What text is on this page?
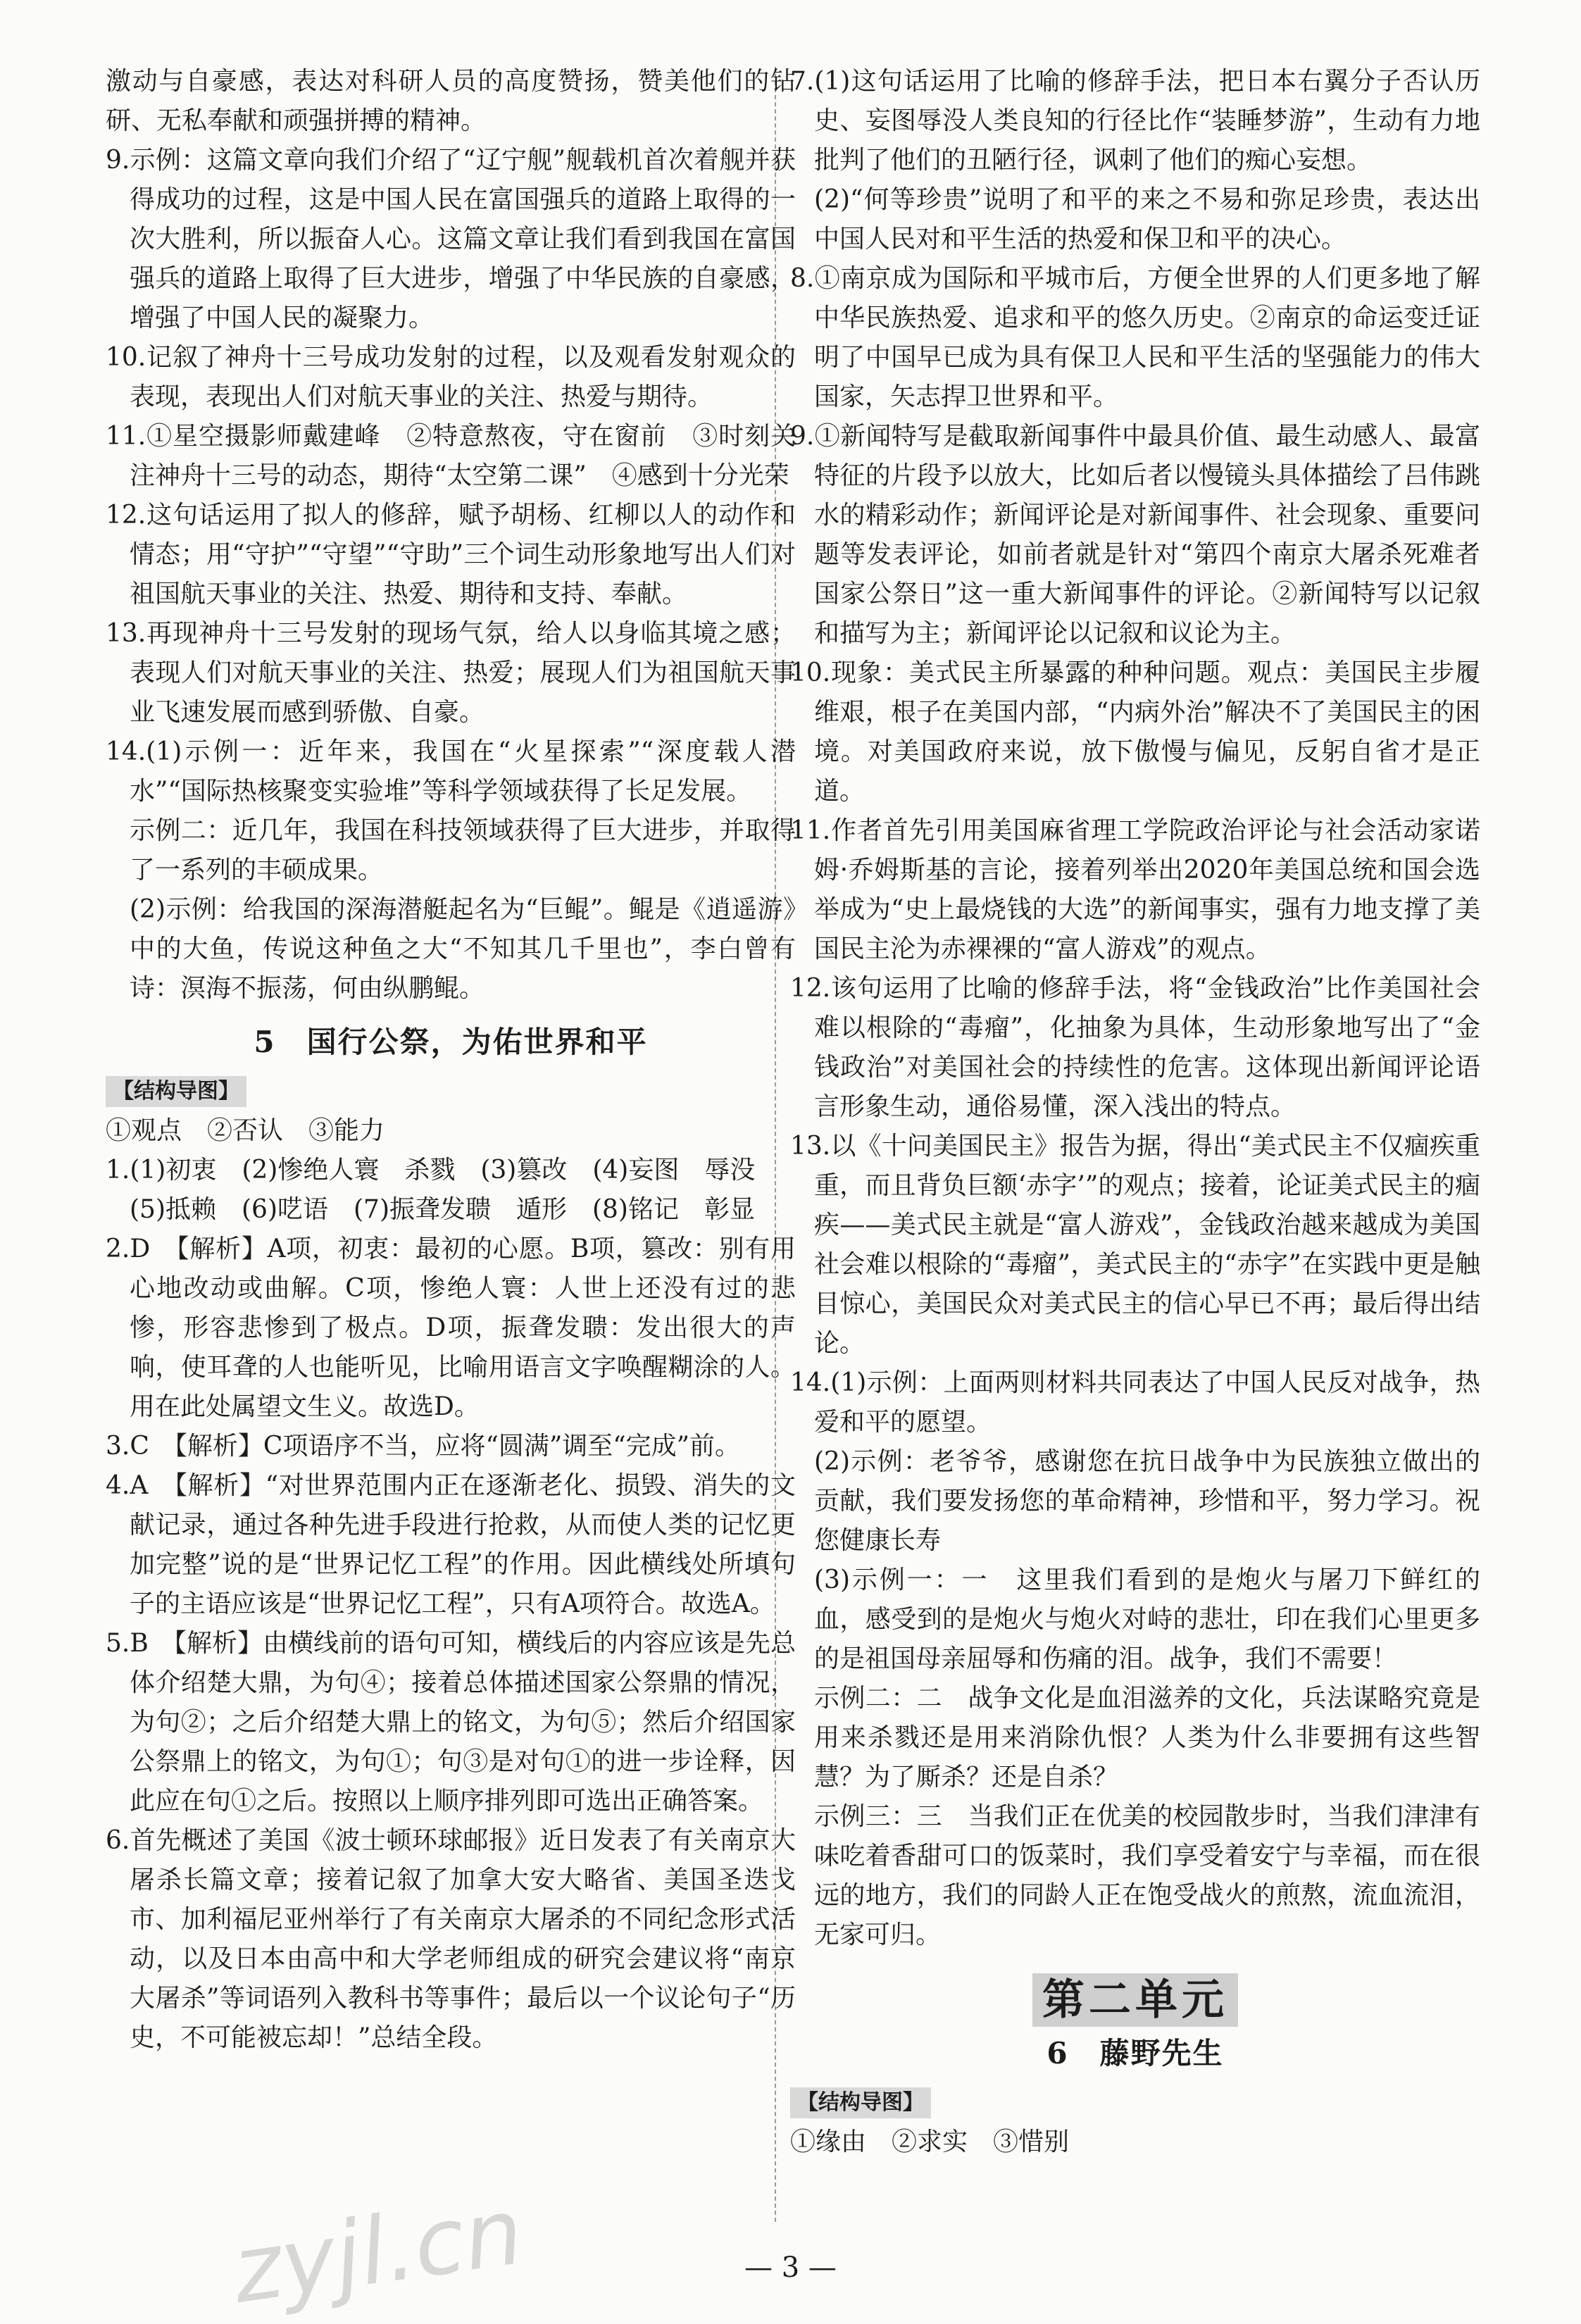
激动与自豪感，表达对科研人员的高度赞扬，赞美他们的钻研、无私奉献和顽强拼搏的精神。

9.示例：这篇文章向我们介绍了“辽宁舰”舰载机首次着舰并获得成功的过程，这是中国人民在富国强兵的道路上取得的一次大胜利，所以振奋人心。这篇文章让我们看到我国在富国强兵的道路上取得了巨大进步，增强了中华民族的自豪感，增强了中国人民的凝聚力。

10.记叙了神舟十三号成功发射的过程，以及观看发射观众的表现，表现出人们对航天事业的关注、热爱与期待。

11.①星空摄影师戴建峰　②特意熬夜，守在窗前　③时刻关注神舟十三号的动态，期待“太空第二课”　④感到十分光荣

12.这句话运用了拟人的修辞，赋予胡杨、红柳以人的动作和情态；用“守护”“守望”“守助”三个词生动形象地写出人们对祖国航天事业的关注、热爱、期待和支持、奉献。

13.再现神舟十三号发射的现场气氛，给人以身临其境之感；表现人们对航天事业的关注、热爱；展现人们为祖国航天事业飞速发展而感到骄傲、自豪。

14.(1)示例一：近年来，我国在“火星探索”“深度载人潜水”“国际热核聚变实验堆”等科学领域获得了长足发展。

示例二：近几年，我国在科技领域获得了巨大进步，并取得了一系列的丰硕成果。

(2)示例：给我国的深海潜艇起名为“巨鲲”。鲲是《逍遥游》中的大鱼，传说这种鱼之大“不知其几千里也”，李白曾有诗：溟海不振荡，何由纵鹏鲲。

5　国行公祭，为佑世界和平
【结构导图】

①观点　②否认　③能力

1.(1)初衷　(2)惨绝人寰　杀戮　(3)篡改　(4)妄图　辱没

(5)抵赖　(6)呓语　(7)振聋发聩　遁形　(8)铭记　彰显

2.D　【解析】A项，初衷：最初的心愿。B项，篡改：别有用心地改动或曲解。C项，惨绝人寰：人世上还没有过的悲惨，形容悲惨到了极点。D项，振聋发聩：发出很大的声响，使耳聋的人也能听见，比喻用语言文字唤醒糊涂的人。用在此处属望文生义。故选D。

3.C　【解析】C项语序不当，应将“圆满”调至“完成”前。

4.A　【解析】“对世界范围内正在逐渐老化、损毁、消失的文献记录，通过各种先进手段进行抢救，从而使人类的记忆更加完整”说的是“世界记忆工程”的作用。因此横线处所填句子的主语应该是“世界记忆工程”，只有A项符合。故选A。

5.B　【解析】由横线前的语句可知，横线后的内容应该是先总体介绍楚大鼎，为句④；接着总体描述国家公祭鼎的情况，为句②；之后介绍楚大鼎上的铭文，为句⑤；然后介绍国家公祭鼎上的铭文，为句①；句③是对句①的进一步诠释，因此应在句①之后。按照以上顺序排列即可选出正确答案。

6.首先概述了美国《波士顿环球邮报》近日发表了有关南京大屠杀长篇文章；接着记叙了加拿大安大略省、美国圣迭戈市、加利福尼亚州举行了有关南京大屠杀的不同纪念形式活动，以及日本由高中和大学老师组成的研究会建议将“南京大屠杀”等词语列入教科书等事件；最后以一个议论句子“历史，不可能被忘却！”总结全段。

7.(1)这句话运用了比喻的修辞手法，把日本右翼分子否认历史、妄图辱没人类良知的行径比作“装睡梦游”，生动有力地批判了他们的丑陋行径，讽刺了他们的痴心妄想。

(2)“何等珍贵”说明了和平的来之不易和弥足珍贵，表达出中国人民对和平生活的热爱和保卫和平的决心。

8.①南京成为国际和平城市后，方便全世界的人们更多地了解中华民族热爱、追求和平的悠久历史。②南京的命运变迁证明了中国早已成为具有保卫人民和平生活的坚强能力的伟大国家，矢志捍卫世界和平。

9.①新闻特写是截取新闻事件中最具价值、最生动感人、最富特征的片段予以放大，比如后者以慢镜头具体描绘了吕伟跳水的精彩动作；新闻评论是对新闻事件、社会现象、重要问题等发表评论，如前者就是针对“第四个南京大屠杀死难者国家公祭日”这一重大新闻事件的评论。②新闻特写以记叙和描写为主；新闻评论以记叙和议论为主。

10.现象：美式民主所暴露的种种问题。观点：美国民主步履维艰，根子在美国内部，“内病外治”解决不了美国民主的困境。对美国政府来说，放下傲慢与偏见，反躬自省才是正道。

11.作者首先引用美国麻省理工学院政治评论与社会活动家诺姆·乔姆斯基的言论，接着列举出2020年美国总统和国会选举成为“史上最烧钱的大选”的新闻事实，强有力地支撑了美国民主沦为赤裸裸的“富人游戏”的观点。

12.该句运用了比喻的修辞手法，将“金钱政治”比作美国社会难以根除的“毒瘤”，化抽象为具体，生动形象地写出了“金钱政治”对美国社会的持续性的危害。这体现出新闻评论语言形象生动，通俗易懂，深入浅出的特点。

13.以《十问美国民主》报告为据，得出“美式民主不仅痼疾重重，而且背负巨额‘赤字’”的观点；接着，论证美式民主的痼疾——美式民主就是“富人游戏”，金钱政治越来越成为美国社会难以根除的“毒瘤”，美式民主的“赤字”在实践中更是触目惊心，美国民众对美式民主的信心早已不再；最后得出结论。

14.(1)示例：上面两则材料共同表达了中国人民反对战争，热爱和平的愿望。

(2)示例：老爷爷，感谢您在抗日战争中为民族独立做出的贡献，我们要发扬您的革命精神，珍惜和平，努力学习。祝您健康长寿

(3)示例一：一　这里我们看到的是炮火与屠刀下鲜红的血，感受到的是炮火与炮火对峙的悲壮，印在我们心里更多的是祖国母亲屈辱和伤痛的泪。战争，我们不需要！

示例二：二　战争文化是血泪滋养的文化，兵法谋略究竟是用来杀戮还是用来消除仇恨？人类为什么非要拥有这些智慧？为了厮杀？还是自杀？

示例三：三　当我们正在优美的校园散步时，当我们津津有味吃着香甜可口的饭菜时，我们享受着安宁与幸福，而在很远的地方，我们的同龄人正在饱受战火的煎熬，流血流泪，无家可归。

第二单元
6　藤野先生
【结构导图】

①缘由　②求实　③惜别

zyjl.cn	— 3 —
